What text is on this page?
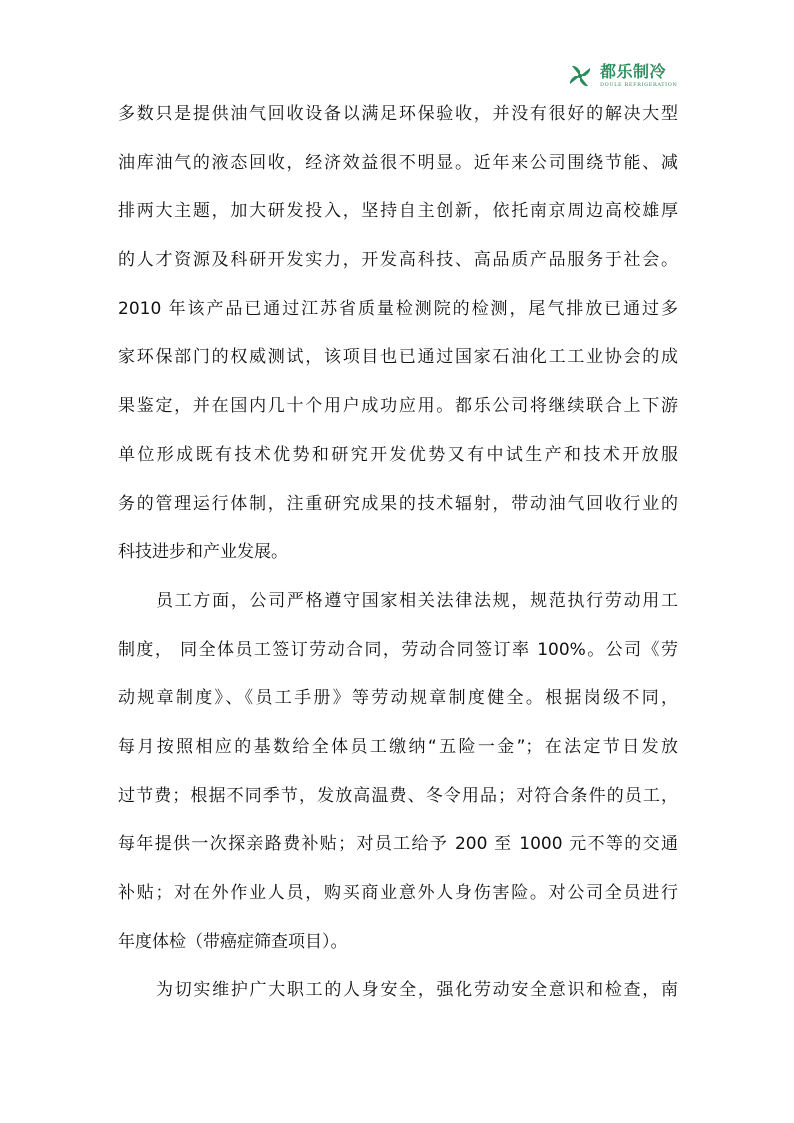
都乐制冷
DOULE REFRIGERATION
多数只是提供油气回收设备以满足环保验收，并没有很好的解决大型
油库油气的液态回收，经济效益很不明显。近年来公司围绕节能、减
排两大主题，加大研发投入，坚持自主创新，依托南京周边高校雄厚
的人才资源及科研开发实力，开发高科技、高品质产品服务于社会。
2010 年该产品已通过江苏省质量检测院的检测，尾气排放已通过多
家环保部门的权威测试，该项目也已通过国家石油化工工业协会的成
果鉴定，并在国内几十个用户成功应用。都乐公司将继续联合上下游
单位形成既有技术优势和研究开发优势又有中试生产和技术开放服
务的管理运行体制，注重研究成果的技术辐射，带动油气回收行业的
科技进步和产业发展。
员工方面，公司严格遵守国家相关法律法规，规范执行劳动用工
制度， 同全体员工签订劳动合同，劳动合同签订率 100%。公司《劳
动规章制度》、《员工手册》等劳动规章制度健全。根据岗级不同，
每月按照相应的基数给全体员工缴纳“五险一金”；在法定节日发放
过节费；根据不同季节，发放高温费、冬令用品；对符合条件的员工，
每年提供一次探亲路费补贴；对员工给予 200 至 1000 元不等的交通
补贴；对在外作业人员，购买商业意外人身伤害险。对公司全员进行
年度体检（带癌症筛查项目）。
为切实维护广大职工的人身安全，强化劳动安全意识和检查，南
